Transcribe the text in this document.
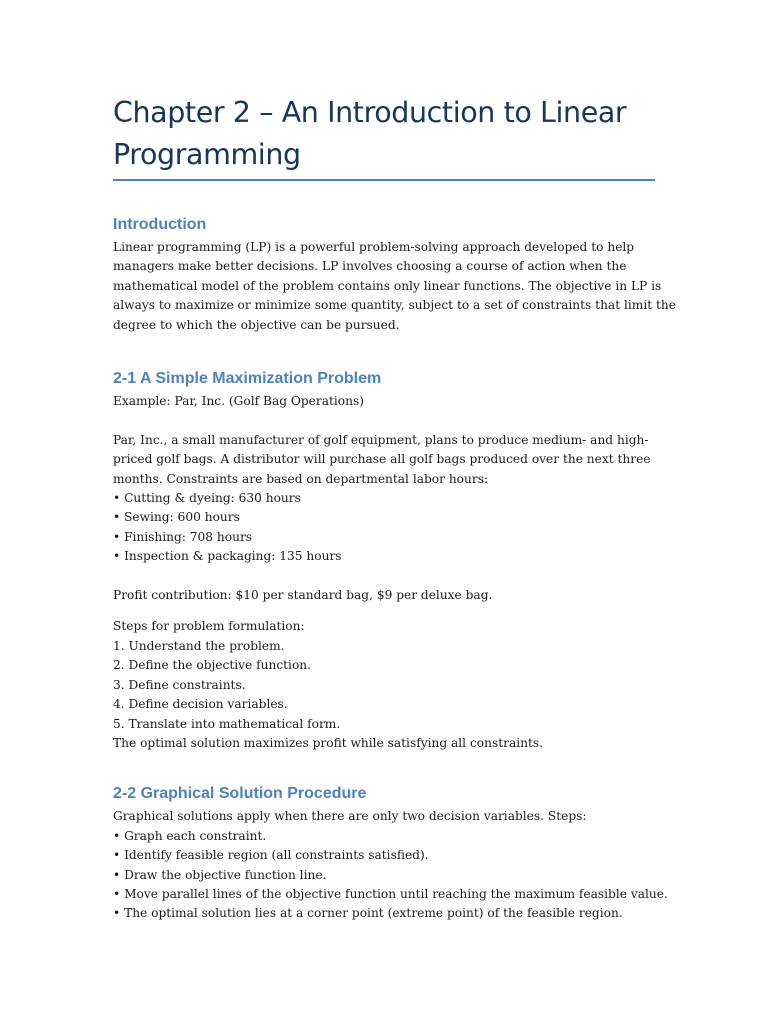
Chapter 2 – An Introduction to Linear
Programming
Introduction

Linear programming (LP) is a powerful problem-solving approach developed to help
managers make better decisions. LP involves choosing a course of action when the
mathematical model of the problem contains only linear functions. The objective in LP is
always to maximize or minimize some quantity, subject to a set of constraints that limit the
degree to which the objective can be pursued.

2-1 A Simple Maximization Problem

Example: Par, Inc. (Golf Bag Operations)

Par, Inc., a small manufacturer of golf equipment, plans to produce medium- and high-
priced golf bags. A distributor will purchase all golf bags produced over the next three
months. Constraints are based on departmental labor hours:
• Cutting & dyeing: 630 hours
• Sewing: 600 hours
• Finishing: 708 hours
• Inspection & packaging: 135 hours

Profit contribution: $10 per standard bag, $9 per deluxe bag.

Steps for problem formulation:
1. Understand the problem.
2. Define the objective function.
3. Define constraints.
4. Define decision variables.
5. Translate into mathematical form.
The optimal solution maximizes profit while satisfying all constraints.

2-2 Graphical Solution Procedure

Graphical solutions apply when there are only two decision variables. Steps:
• Graph each constraint.
• Identify feasible region (all constraints satisfied).
• Draw the objective function line.
• Move parallel lines of the objective function until reaching the maximum feasible value.
• The optimal solution lies at a corner point (extreme point) of the feasible region.
